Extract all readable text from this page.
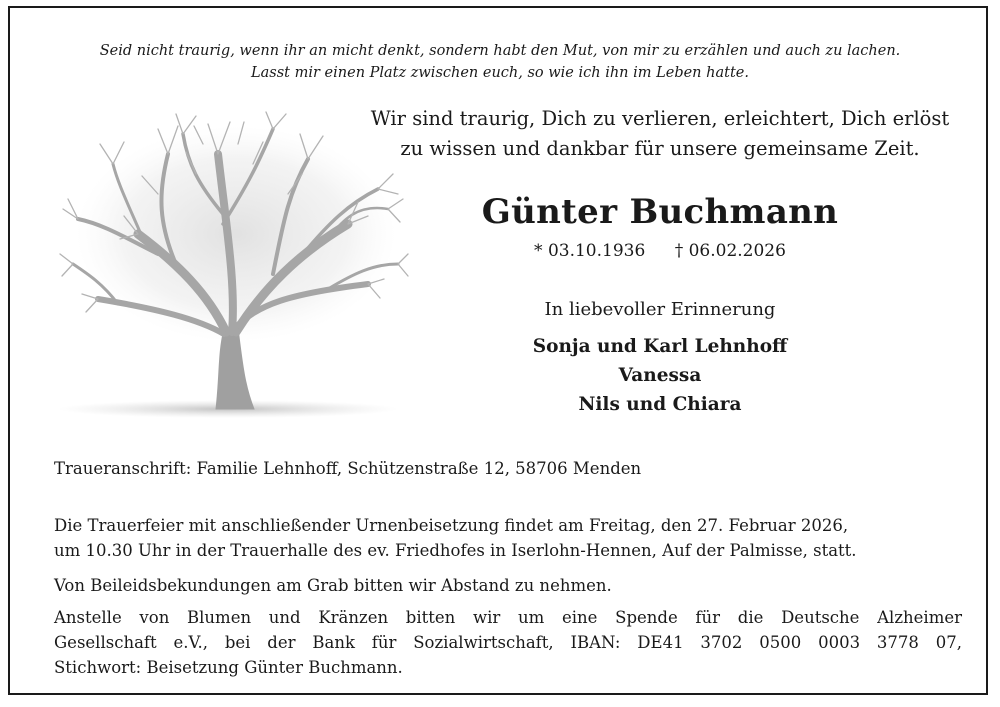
Seid nicht traurig, wenn ihr an micht denkt, sondern habt den Mut, von mir zu erzählen und auch zu lachen.
Lasst mir einen Platz zwischen euch, so wie ich ihn im Leben hatte.
Wir sind traurig, Dich zu verlieren, erleichtert, Dich erlöst
zu wissen und dankbar für unsere gemeinsame Zeit.
Günter Buchmann
* 03.10.1936 † 06.02.2026
In liebevoller Erinnerung
Sonja und Karl Lehnhoff
Vanessa
Nils und Chiara
Traueranschrift: Familie Lehnhoff, Schützenstraße 12, 58706 Menden
Die Trauerfeier mit anschließender Urnenbeisetzung findet am Freitag, den 27. Februar 2026,
um 10.30 Uhr in der Trauerhalle des ev. Friedhofes in Iserlohn-Hennen, Auf der Palmisse, statt.
Von Beileidsbekundungen am Grab bitten wir Abstand zu nehmen.
Anstelle von Blumen und Kränzen bitten wir um eine Spende für die Deutsche Alzheimer
Gesellschaft e.V., bei der Bank für Sozialwirtschaft, IBAN: DE41 3702 0500 0003 3778 07,
Stichwort: Beisetzung Günter Buchmann.
